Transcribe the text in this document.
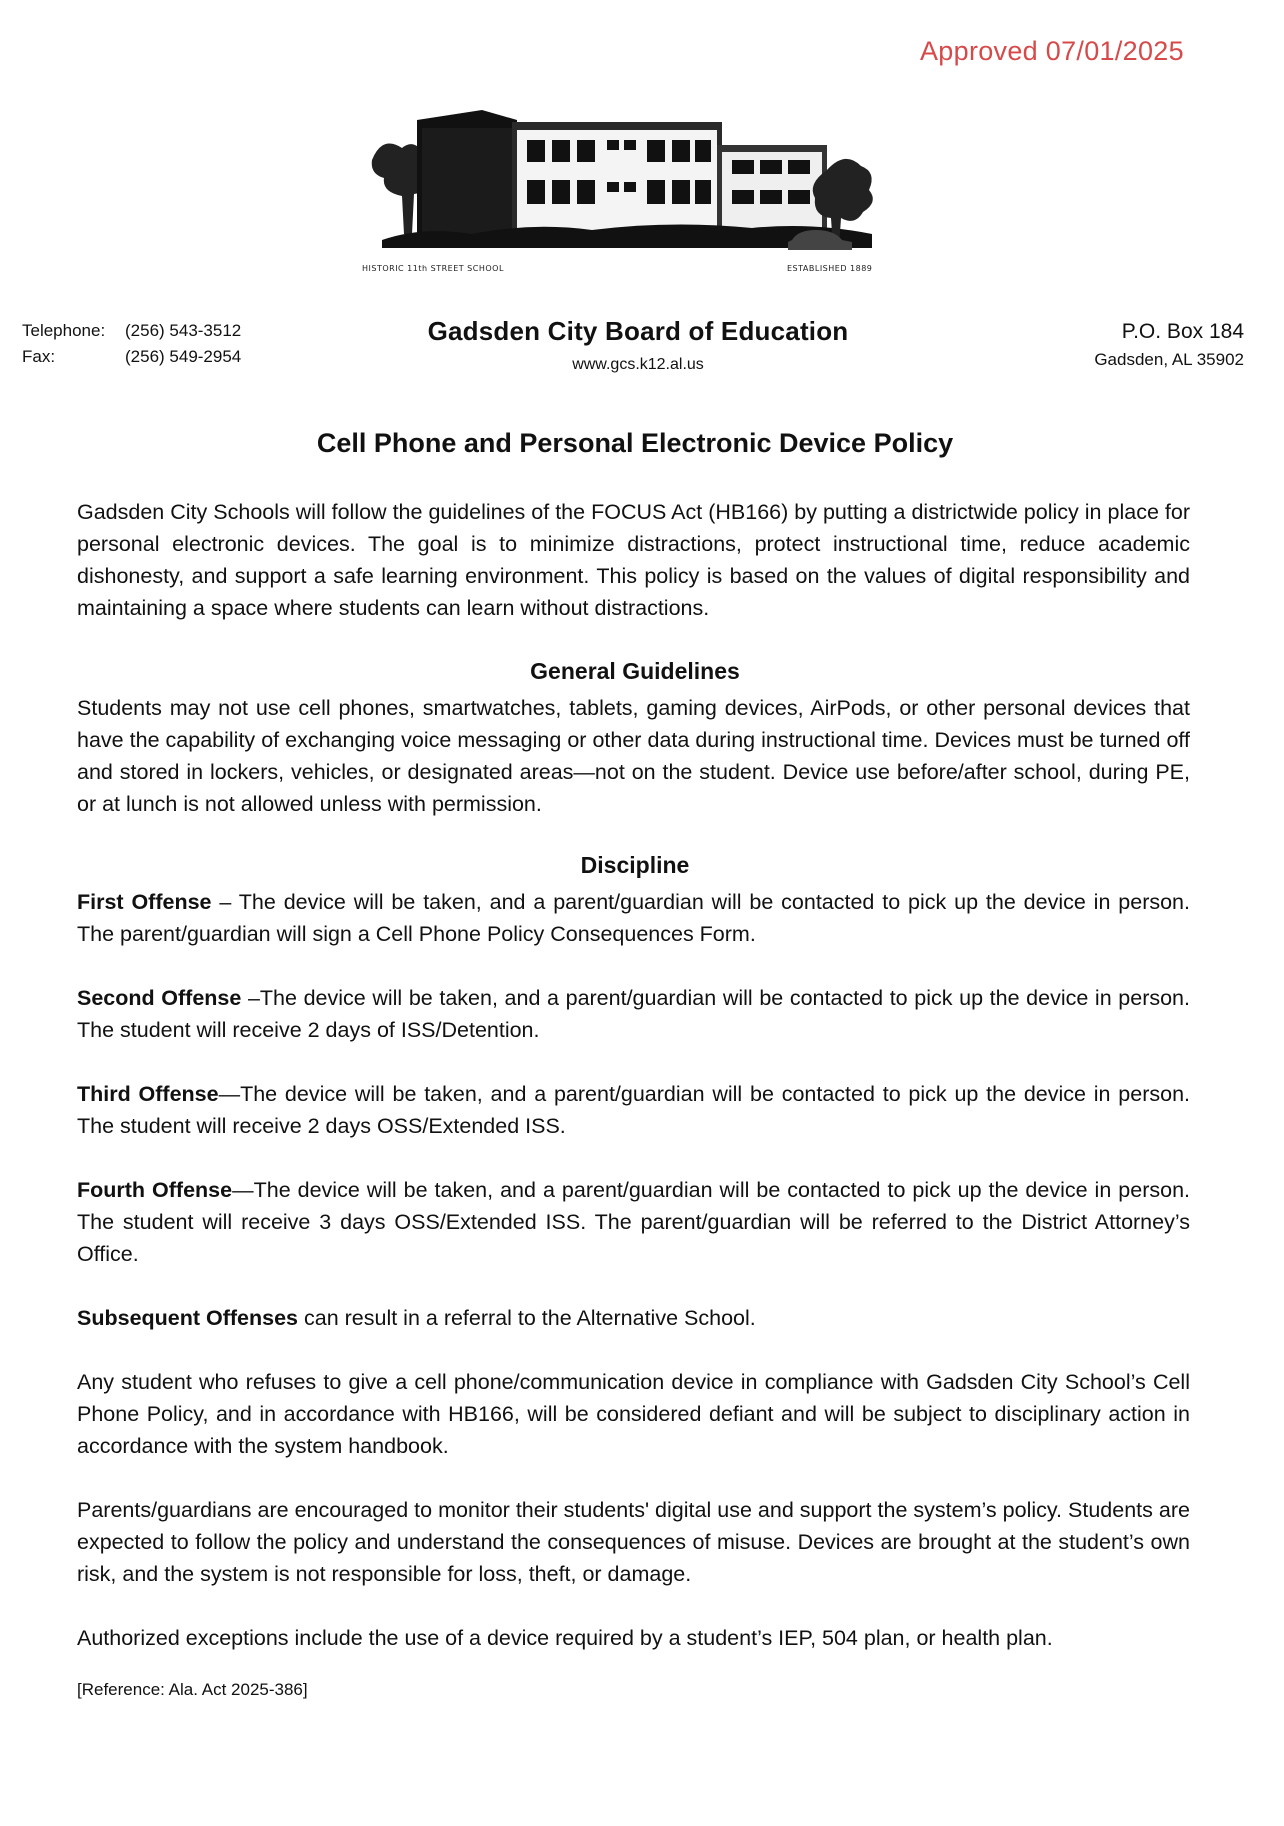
Approved 07/01/2025
HISTORIC 11th STREET SCHOOL	ESTABLISHED 1889
Telephone:	(256) 543-3512
Fax:	(256) 549-2954
Gadsden City Board of Education
www.gcs.k12.al.us
P.O. Box 184
Gadsden, AL 35902
Cell Phone and Personal Electronic Device Policy
Gadsden City Schools will follow the guidelines of the FOCUS Act (HB166) by putting a districtwide policy in place for personal electronic devices. The goal is to minimize distractions, protect instructional time, reduce academic dishonesty, and support a safe learning environment. This policy is based on the values of digital responsibility and maintaining a space where students can learn without distractions.
General Guidelines
Students may not use cell phones, smartwatches, tablets, gaming devices, AirPods, or other personal devices that have the capability of exchanging voice messaging or other data during instructional time. Devices must be turned off and stored in lockers, vehicles, or designated areas—not on the student. Device use before/after school, during PE, or at lunch is not allowed unless with permission.
Discipline
First Offense – The device will be taken, and a parent/guardian will be contacted to pick up the device in person. The parent/guardian will sign a Cell Phone Policy Consequences Form.
Second Offense –The device will be taken, and a parent/guardian will be contacted to pick up the device in person. The student will receive 2 days of ISS/Detention.
Third Offense—The device will be taken, and a parent/guardian will be contacted to pick up the device in person. The student will receive 2 days OSS/Extended ISS.
Fourth Offense—The device will be taken, and a parent/guardian will be contacted to pick up the device in person. The student will receive 3 days OSS/Extended ISS. The parent/guardian will be referred to the District Attorney’s Office.
Subsequent Offenses can result in a referral to the Alternative School.
Any student who refuses to give a cell phone/communication device in compliance with Gadsden City School’s Cell Phone Policy, and in accordance with HB166, will be considered defiant and will be subject to disciplinary action in accordance with the system handbook.
Parents/guardians are encouraged to monitor their students' digital use and support the system’s policy. Students are expected to follow the policy and understand the consequences of misuse. Devices are brought at the student’s own risk, and the system is not responsible for loss, theft, or damage.
Authorized exceptions include the use of a device required by a student’s IEP, 504 plan, or health plan.
[Reference: Ala. Act 2025-386]
